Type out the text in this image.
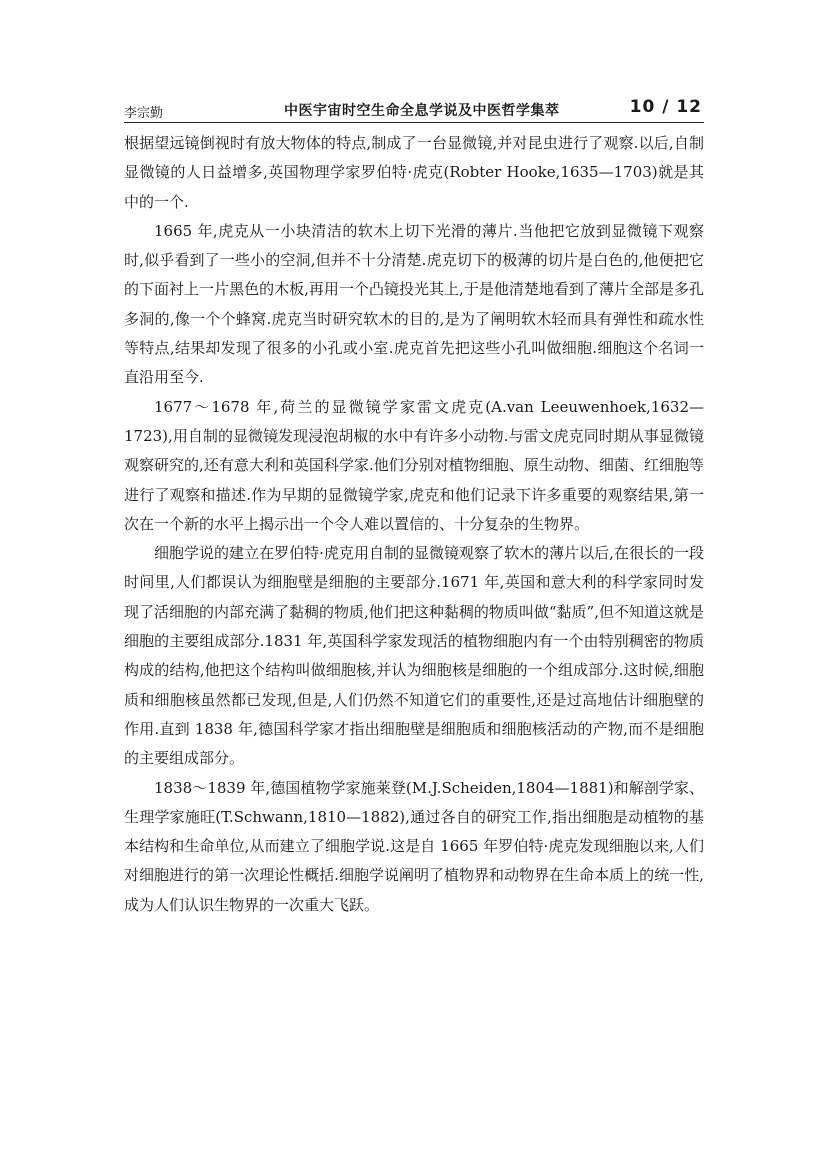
李宗勤	中医宇宙时空生命全息学说及中医哲学集萃	10 / 12

根据望远镜倒视时有放大物体的特点,制成了一台显微镜,并对昆虫进行了观察.以后,自制显微镜的人日益增多,英国物理学家罗伯特·虎克(Robter Hooke,1635—1703)就是其中的一个.

1665 年,虎克从一小块清洁的软木上切下光滑的薄片.当他把它放到显微镜下观察时,似乎看到了一些小的空洞,但并不十分清楚.虎克切下的极薄的切片是白色的,他便把它的下面衬上一片黑色的木板,再用一个凸镜投光其上,于是他清楚地看到了薄片全部是多孔多洞的,像一个个蜂窝.虎克当时研究软木的目的,是为了阐明软木轻而具有弹性和疏水性等特点,结果却发现了很多的小孔或小室.虎克首先把这些小孔叫做细胞.细胞这个名词一直沿用至今.

1677～1678 年,荷兰的显微镜学家雷文虎克(A.van Leeuwenhoek,1632—1723),用自制的显微镜发现浸泡胡椒的水中有许多小动物.与雷文虎克同时期从事显微镜观察研究的,还有意大利和英国科学家.他们分别对植物细胞、原生动物、细菌、红细胞等进行了观察和描述.作为早期的显微镜学家,虎克和他们记录下许多重要的观察结果,第一次在一个新的水平上揭示出一个令人难以置信的、十分复杂的生物界。

细胞学说的建立在罗伯特·虎克用自制的显微镜观察了软木的薄片以后,在很长的一段时间里,人们都误认为细胞壁是细胞的主要部分.1671 年,英国和意大利的科学家同时发现了活细胞的内部充满了黏稠的物质,他们把这种黏稠的物质叫做“黏质”,但不知道这就是细胞的主要组成部分.1831 年,英国科学家发现活的植物细胞内有一个由特别稠密的物质构成的结构,他把这个结构叫做细胞核,并认为细胞核是细胞的一个组成部分.这时候,细胞质和细胞核虽然都已发现,但是,人们仍然不知道它们的重要性,还是过高地估计细胞壁的作用.直到 1838 年,德国科学家才指出细胞壁是细胞质和细胞核活动的产物,而不是细胞的主要组成部分。

1838～1839 年,德国植物学家施莱登(M.J.Scheiden,1804—1881)和解剖学家、生理学家施旺(T.Schwann,1810—1882),通过各自的研究工作,指出细胞是动植物的基本结构和生命单位,从而建立了细胞学说.这是自 1665 年罗伯特·虎克发现细胞以来,人们对细胞进行的第一次理论性概括.细胞学说阐明了植物界和动物界在生命本质上的统一性,成为人们认识生物界的一次重大飞跃。
